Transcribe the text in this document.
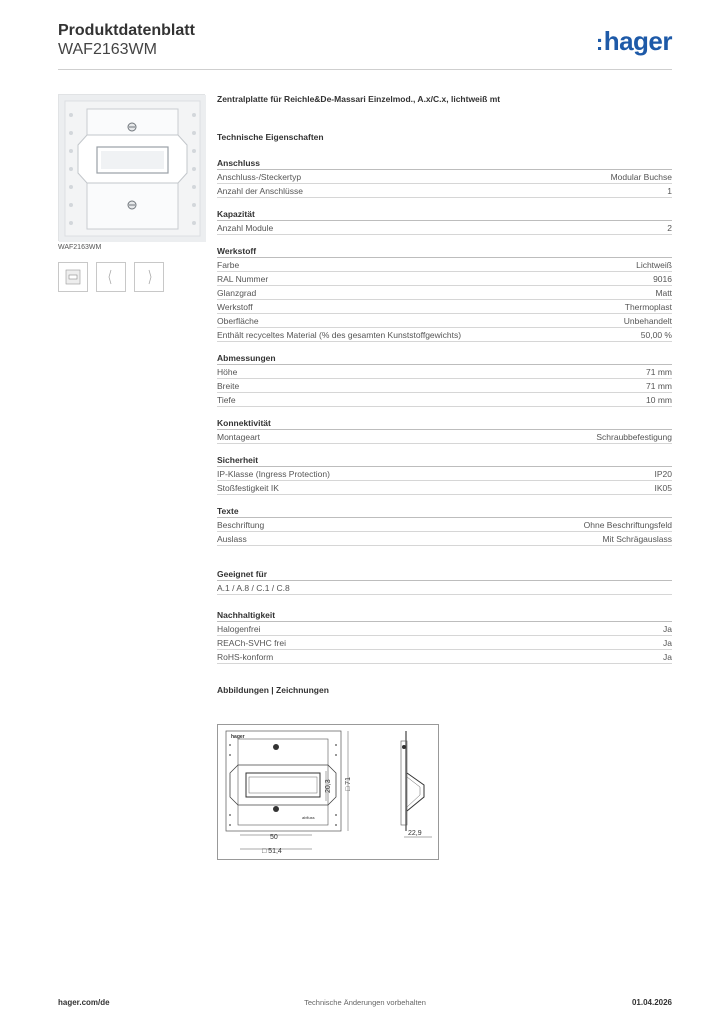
Produktdatenblatt
WAF2163WM	:hager
WAF2163WM
Zentralplatte für Reichle&De-Massari Einzelmod., A.x/C.x, lichtweiß mt
Technische Eigenschaften
Anschluss
Anschluss-/Steckertyp	Modular Buchse
Anzahl der Anschlüsse	1
Kapazität
Anzahl Module	2
Werkstoff
Farbe	Lichtweiß
RAL Nummer	9016
Glanzgrad	Matt
Werkstoff	Thermoplast
Oberfläche	Unbehandelt
Enthält recyceltes Material (% des gesamten Kunststoffgewichts)	50,00 %
Abmessungen
Höhe	71 mm
Breite	71 mm
Tiefe	10 mm
Konnektivität
Montageart	Schraubbefestigung
Sicherheit
IP-Klasse (Ingress Protection)	IP20
Stoßfestigkeit IK	IK05
Texte
Beschriftung	Ohne Beschriftungsfeld
Auslass	Mit Schrägauslass
Geeignet für
A.1 / A.8 / C.1 / C.8
Nachhaltigkeit
Halogenfrei	Ja
REACh-SVHC frei	Ja
RoHS-konform	Ja
Abbildungen | Zeichnungen
hager
abfluss
50
□ 51,4
20,3 □ 71
22,9
hager.com/de	Technische Änderungen vorbehalten	01.04.2026
